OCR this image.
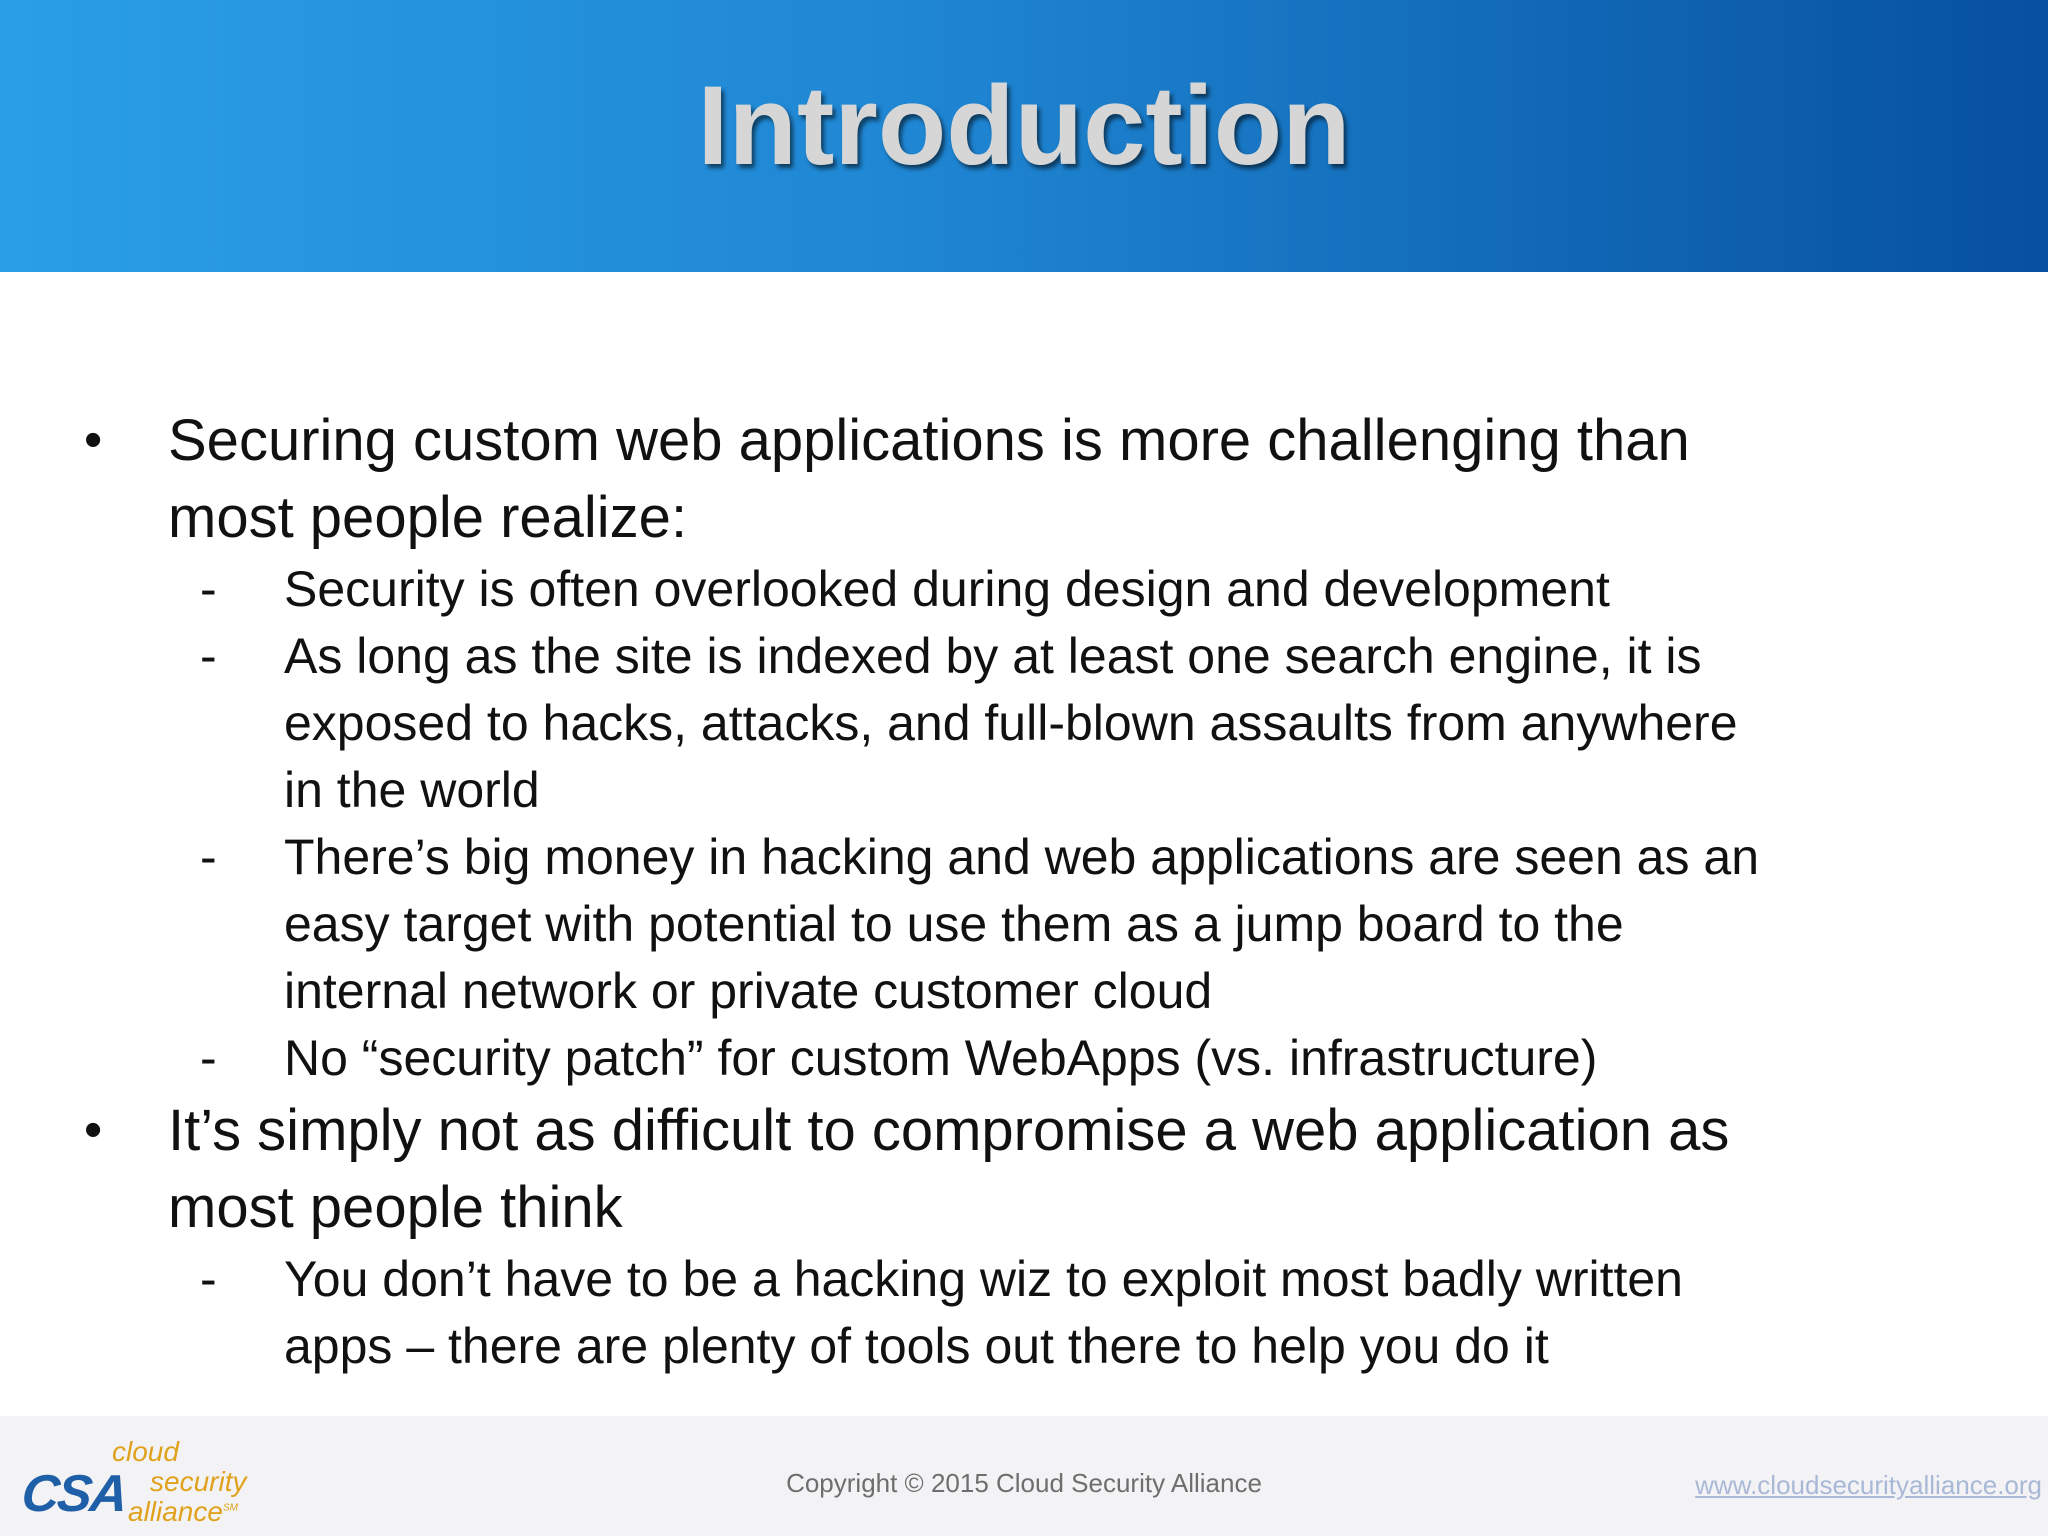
Introduction
•	Securing custom web applications is more challenging than
most people realize:
- Security is often overlooked during design and development
- As long as the site is indexed by at least one search engine, it is
exposed to hacks, attacks, and full-blown assaults from anywhere
in the world
- There’s big money in hacking and web applications are seen as an
easy target with potential to use them as a jump board to the
internal network or private customer cloud
- No “security patch” for custom WebApps (vs. infrastructure)
•	It’s simply not as difficult to compromise a web application as
most people think
- You don’t have to be a hacking wiz to exploit most badly written
apps – there are plenty of tools out there to help you do it
CSA
cloud
security
alliance℠
Copyright © 2015 Cloud Security Alliance	www.cloudsecurityalliance.org
